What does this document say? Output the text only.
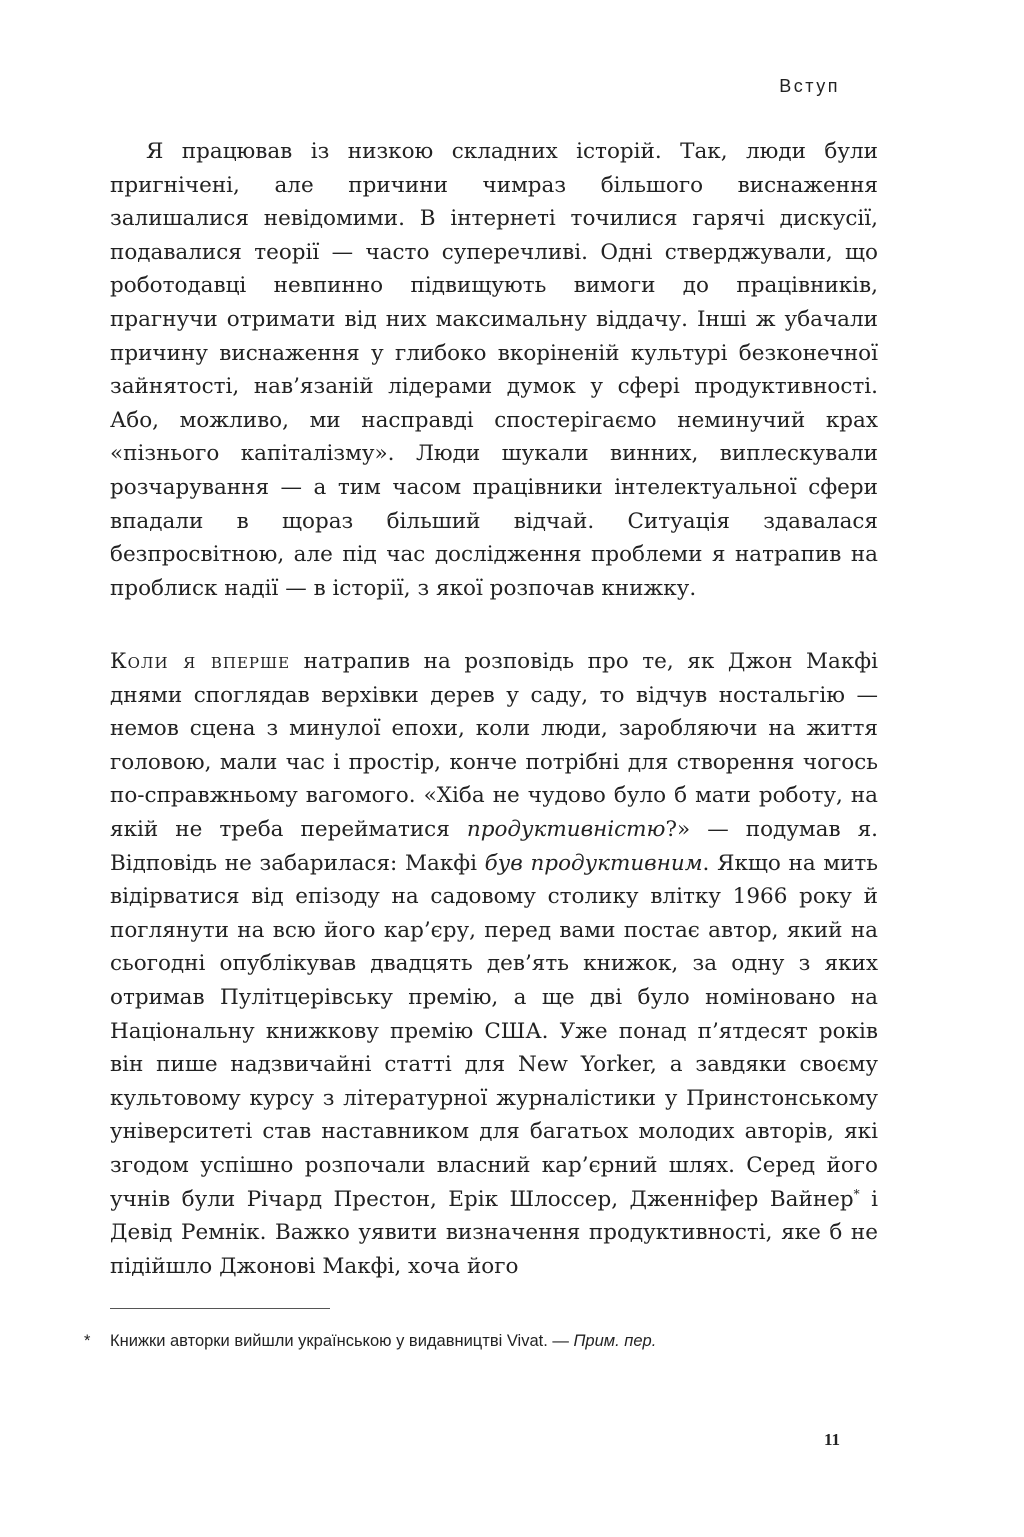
Вступ
Я працював із низкою складних історій. Так, люди були пригнічені, але причини чимраз більшого виснаження залишалися невідомими. В інтернеті точилися гарячі дискусії, подавалися теорії — часто суперечливі. Одні стверджували, що роботодавці невпинно підвищують вимоги до працівників, прагнучи отримати від них максимальну віддачу. Інші ж убачали причину виснаження у глибоко вкоріненій культурі безконечної зайнятості, нав’язаній лідерами думок у сфері продуктивності. Або, можливо, ми насправді спостерігаємо неминучий крах «пізнього капіталізму». Люди шукали винних, виплескували розчарування — а тим часом працівники інтелектуальної сфери впадали в щораз більший відчай. Ситуація здавалася безпросвітною, але під час дослідження проблеми я натрапив на проблиск надії — в історії, з якої розпочав книжку.
Коли я вперше натрапив на розповідь про те, як Джон Макфі днями споглядав верхівки дерев у саду, то відчув ностальгію — немов сцена з минулої епохи, коли люди, заробляючи на життя головою, мали час і простір, конче потрібні для створення чогось по-справжньому вагомого. «Хіба не чудово було б мати роботу, на якій не треба перейматися продуктивністю?» — подумав я. Відповідь не забарилася: Макфі був продуктивним. Якщо на мить відірватися від епізоду на садовому столику влітку 1966 року й поглянути на всю його кар’єру, перед вами постає автор, який на сьогодні опублікував двадцять дев’ять книжок, за одну з яких отримав Пулітцерівську премію, а ще дві було номіновано на Національну книжкову премію США. Уже понад п’ятдесят років він пише надзвичайні статті для New Yorker, а завдяки своєму культовому курсу з літературної журналістики у Принстонському університеті став наставником для багатьох молодих авторів, які згодом успішно розпочали власний кар’єрний шлях. Серед його учнів були Річард Престон, Ерік Шлоссер, Дженніфер Вайнер* і Девід Ремнік. Важко уявити визначення продуктивності, яке б не підійшло Джонові Макфі, хоча його
* Книжки авторки вийшли українською у видавництві Vivat. — Прим. пер.
11
